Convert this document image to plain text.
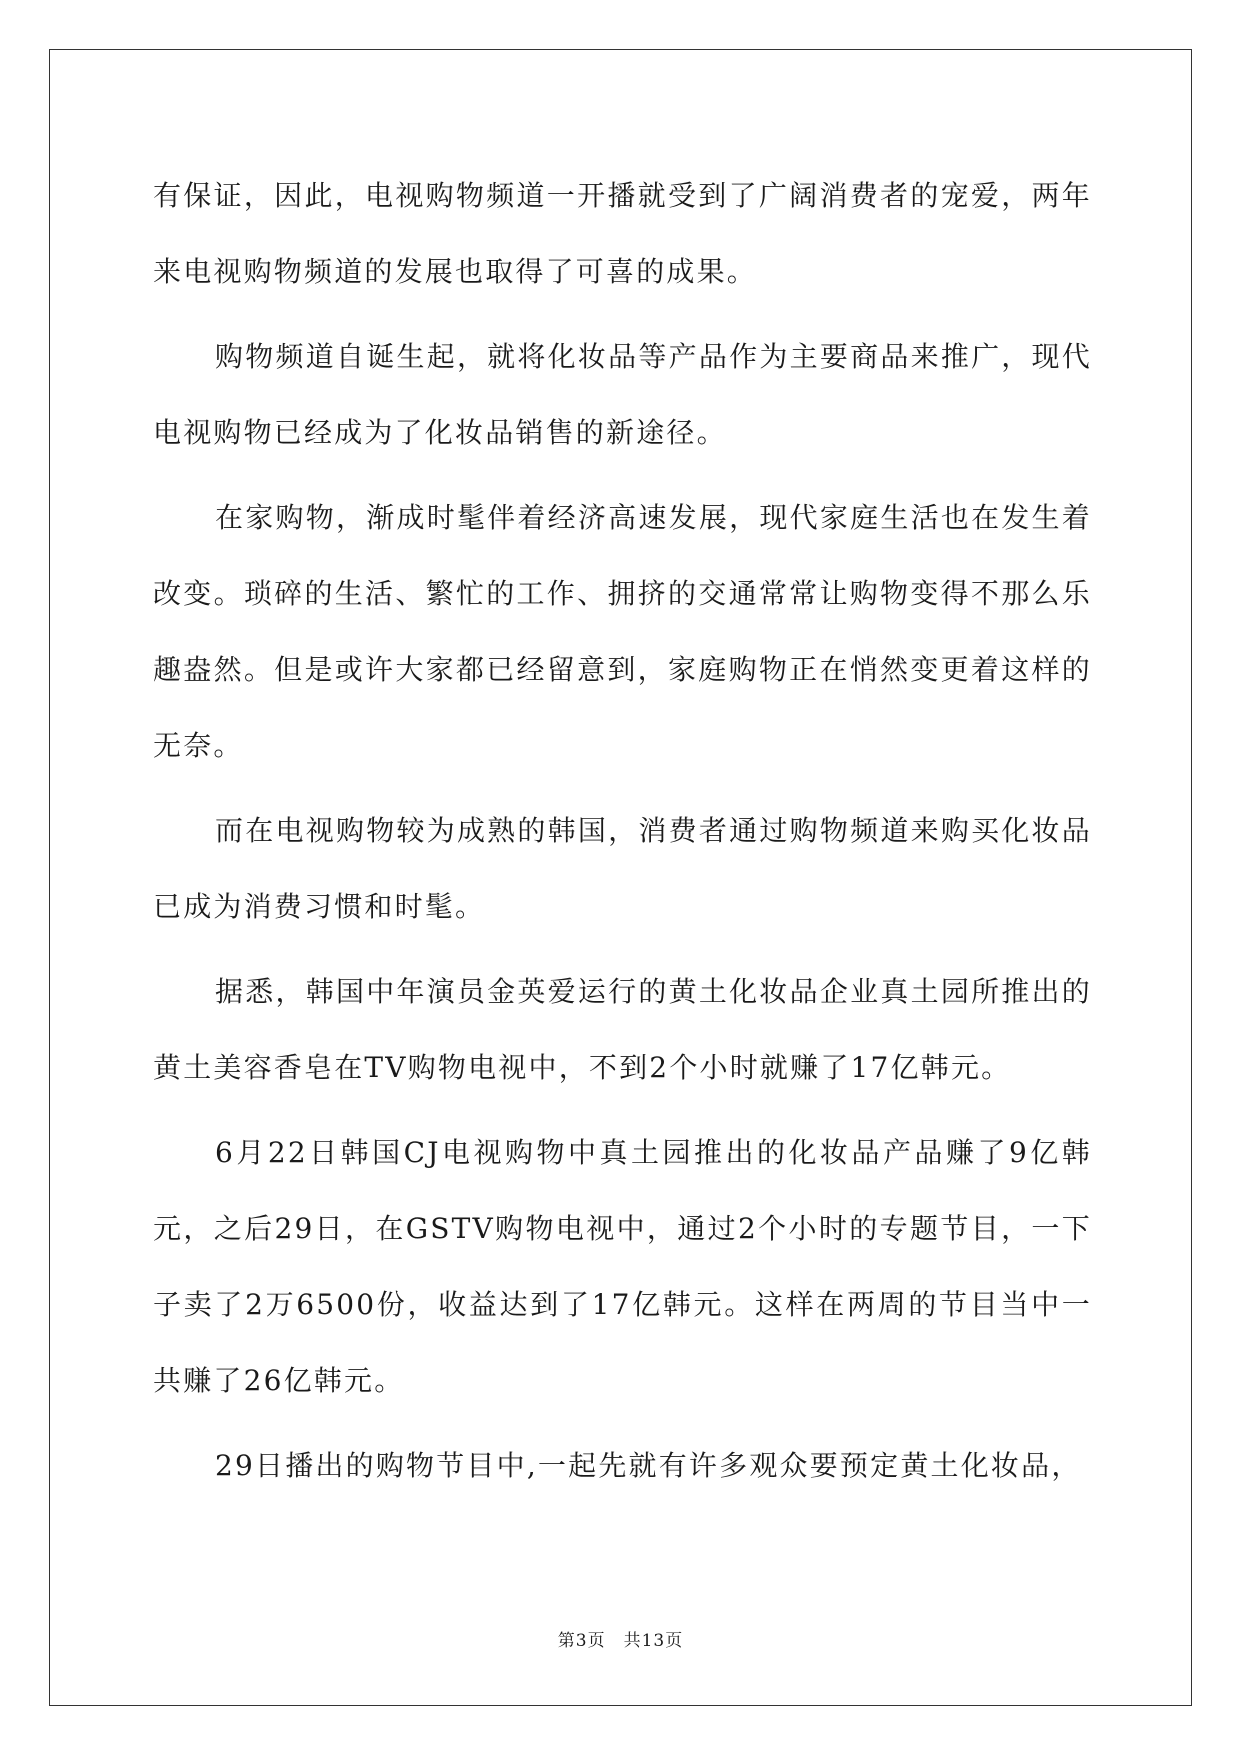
有保证，因此，电视购物频道一开播就受到了广阔消费者的宠爱，两年来电视购物频道的发展也取得了可喜的成果。

购物频道自诞生起，就将化妆品等产品作为主要商品来推广，现代电视购物已经成为了化妆品销售的新途径。

在家购物，渐成时髦伴着经济高速发展，现代家庭生活也在发生着改变。琐碎的生活、繁忙的工作、拥挤的交通常常让购物变得不那么乐趣盎然。但是或许大家都已经留意到，家庭购物正在悄然变更着这样的无奈。

而在电视购物较为成熟的韩国，消费者通过购物频道来购买化妆品已成为消费习惯和时髦。

据悉，韩国中年演员金英爱运行的黄土化妆品企业真土园所推出的黄土美容香皂在TV购物电视中，不到2个小时就赚了17亿韩元。

6月22日韩国CJ电视购物中真土园推出的化妆品产品赚了9亿韩元，之后29日，在GSTV购物电视中，通过2个小时的专题节目，一下子卖了2万6500份，收益达到了17亿韩元。这样在两周的节目当中一共赚了26亿韩元。

29日播出的购物节目中,一起先就有许多观众要预定黄土化妆品，

第3页　共13页
